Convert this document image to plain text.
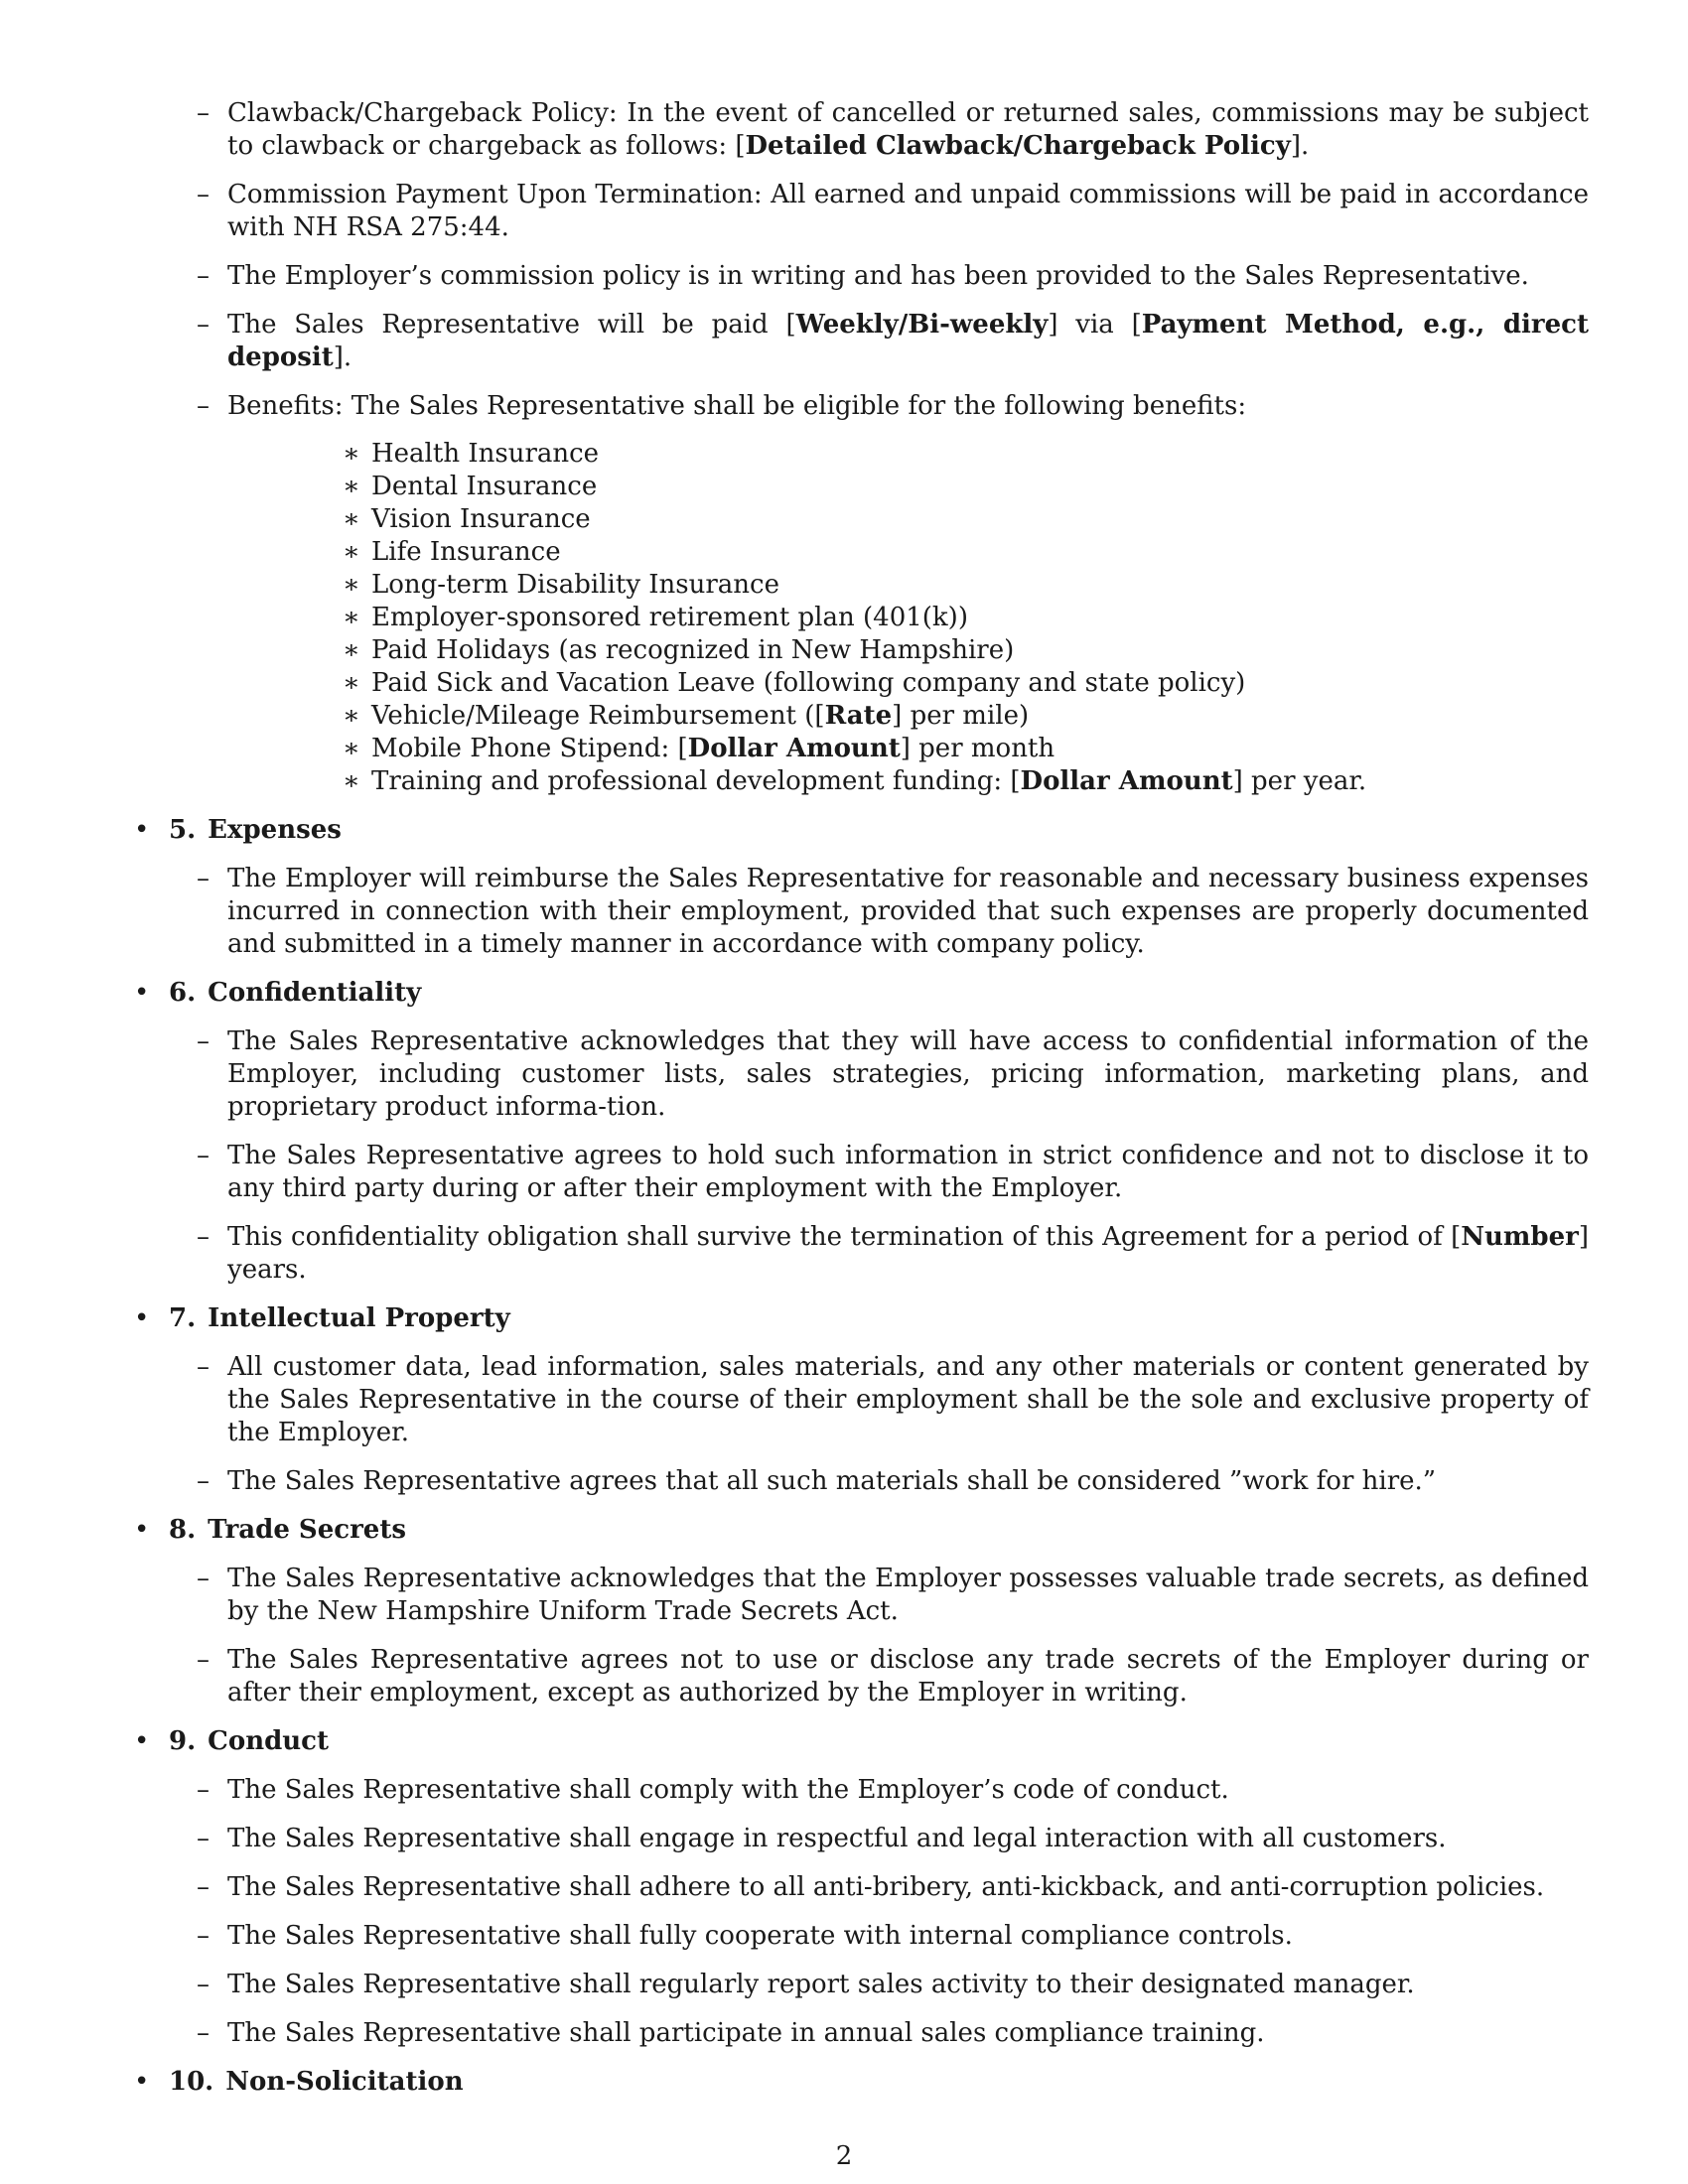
– Clawback/Chargeback Policy: In the event of cancelled or returned sales, commissions may be subject to clawback or chargeback as follows: [Detailed Clawback/Chargeback Policy].
– Commission Payment Upon Termination: All earned and unpaid commissions will be paid in accordance with NH RSA 275:44.
– The Employer’s commission policy is in writing and has been provided to the Sales Representative.
– The Sales Representative will be paid [Weekly/Bi-weekly] via [Payment Method, e.g., direct deposit].
– Benefits: The Sales Representative shall be eligible for the following benefits:
∗ Health Insurance
∗ Dental Insurance
∗ Vision Insurance
∗ Life Insurance
∗ Long-term Disability Insurance
∗ Employer-sponsored retirement plan (401(k))
∗ Paid Holidays (as recognized in New Hampshire)
∗ Paid Sick and Vacation Leave (following company and state policy)
∗ Vehicle/Mileage Reimbursement ([Rate] per mile)
∗ Mobile Phone Stipend: [Dollar Amount] per month
∗ Training and professional development funding: [Dollar Amount] per year.
• 5. Expenses
– The Employer will reimburse the Sales Representative for reasonable and necessary business expenses incurred in connection with their employment, provided that such expenses are properly documented and submitted in a timely manner in accordance with company policy.
• 6. Confidentiality
– The Sales Representative acknowledges that they will have access to confidential information of the Employer, including customer lists, sales strategies, pricing information, marketing plans, and proprietary product informa-tion.
– The Sales Representative agrees to hold such information in strict confidence and not to disclose it to any third party during or after their employment with the Employer.
– This confidentiality obligation shall survive the termination of this Agreement for a period of [Number] years.
• 7. Intellectual Property
– All customer data, lead information, sales materials, and any other materials or content generated by the Sales Representative in the course of their employment shall be the sole and exclusive property of the Employer.
– The Sales Representative agrees that all such materials shall be considered ”work for hire.”
• 8. Trade Secrets
– The Sales Representative acknowledges that the Employer possesses valuable trade secrets, as defined by the New Hampshire Uniform Trade Secrets Act.
– The Sales Representative agrees not to use or disclose any trade secrets of the Employer during or after their employment, except as authorized by the Employer in writing.
• 9. Conduct
– The Sales Representative shall comply with the Employer’s code of conduct.
– The Sales Representative shall engage in respectful and legal interaction with all customers.
– The Sales Representative shall adhere to all anti-bribery, anti-kickback, and anti-corruption policies.
– The Sales Representative shall fully cooperate with internal compliance controls.
– The Sales Representative shall regularly report sales activity to their designated manager.
– The Sales Representative shall participate in annual sales compliance training.
• 10. Non-Solicitation
2
